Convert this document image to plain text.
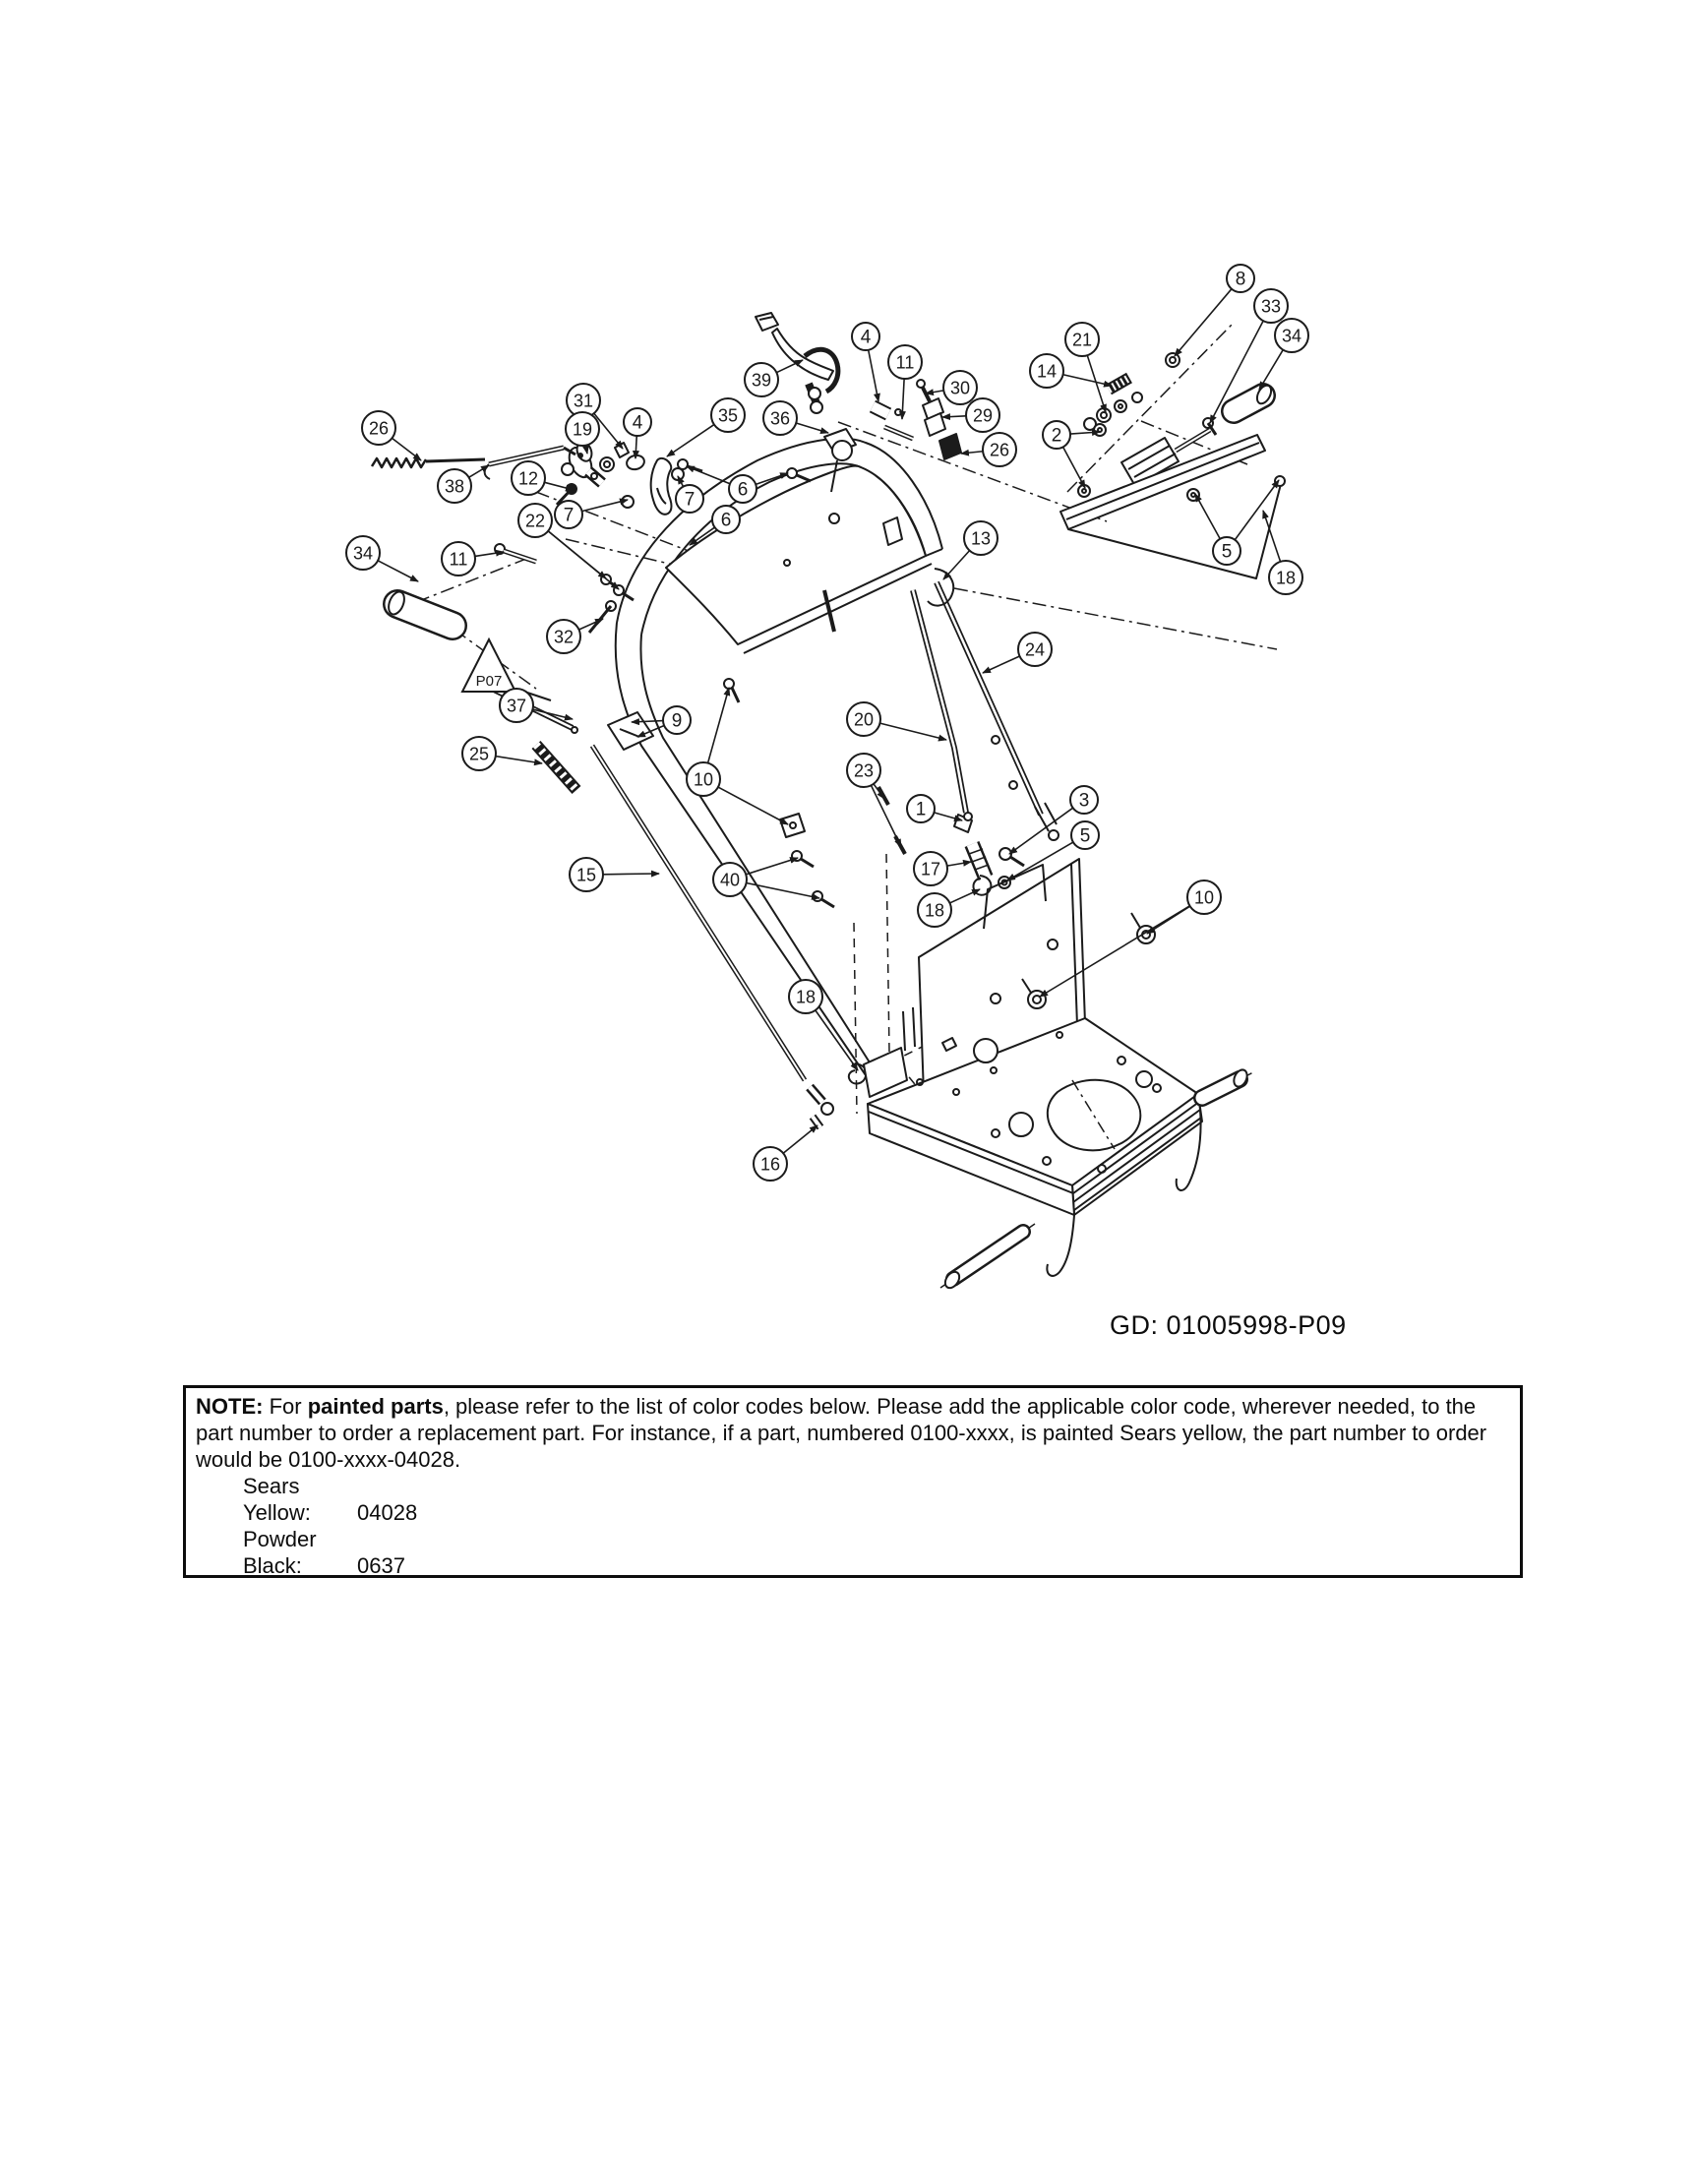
P07
8
33
34
21
14
2
5
18
4
11
39	30
36
35	29
26
6
6
13
26
31
19 4
38	12
7
7
22
34	11
32
37
9
25
10
15	40
24
20
23
1	3
5
17
18
10
18
16
GD: 01005998-P09
NOTE: For painted parts, please refer to the list of color codes below. Please add the applicable color code, wherever needed, to the part number to order a replacement part. For instance, if a part, numbered 0100-xxxx, is painted Sears yellow, the part number to order would be 0100-xxxx-04028.
Sears Yellow: 04028
Powder Black:	0637
